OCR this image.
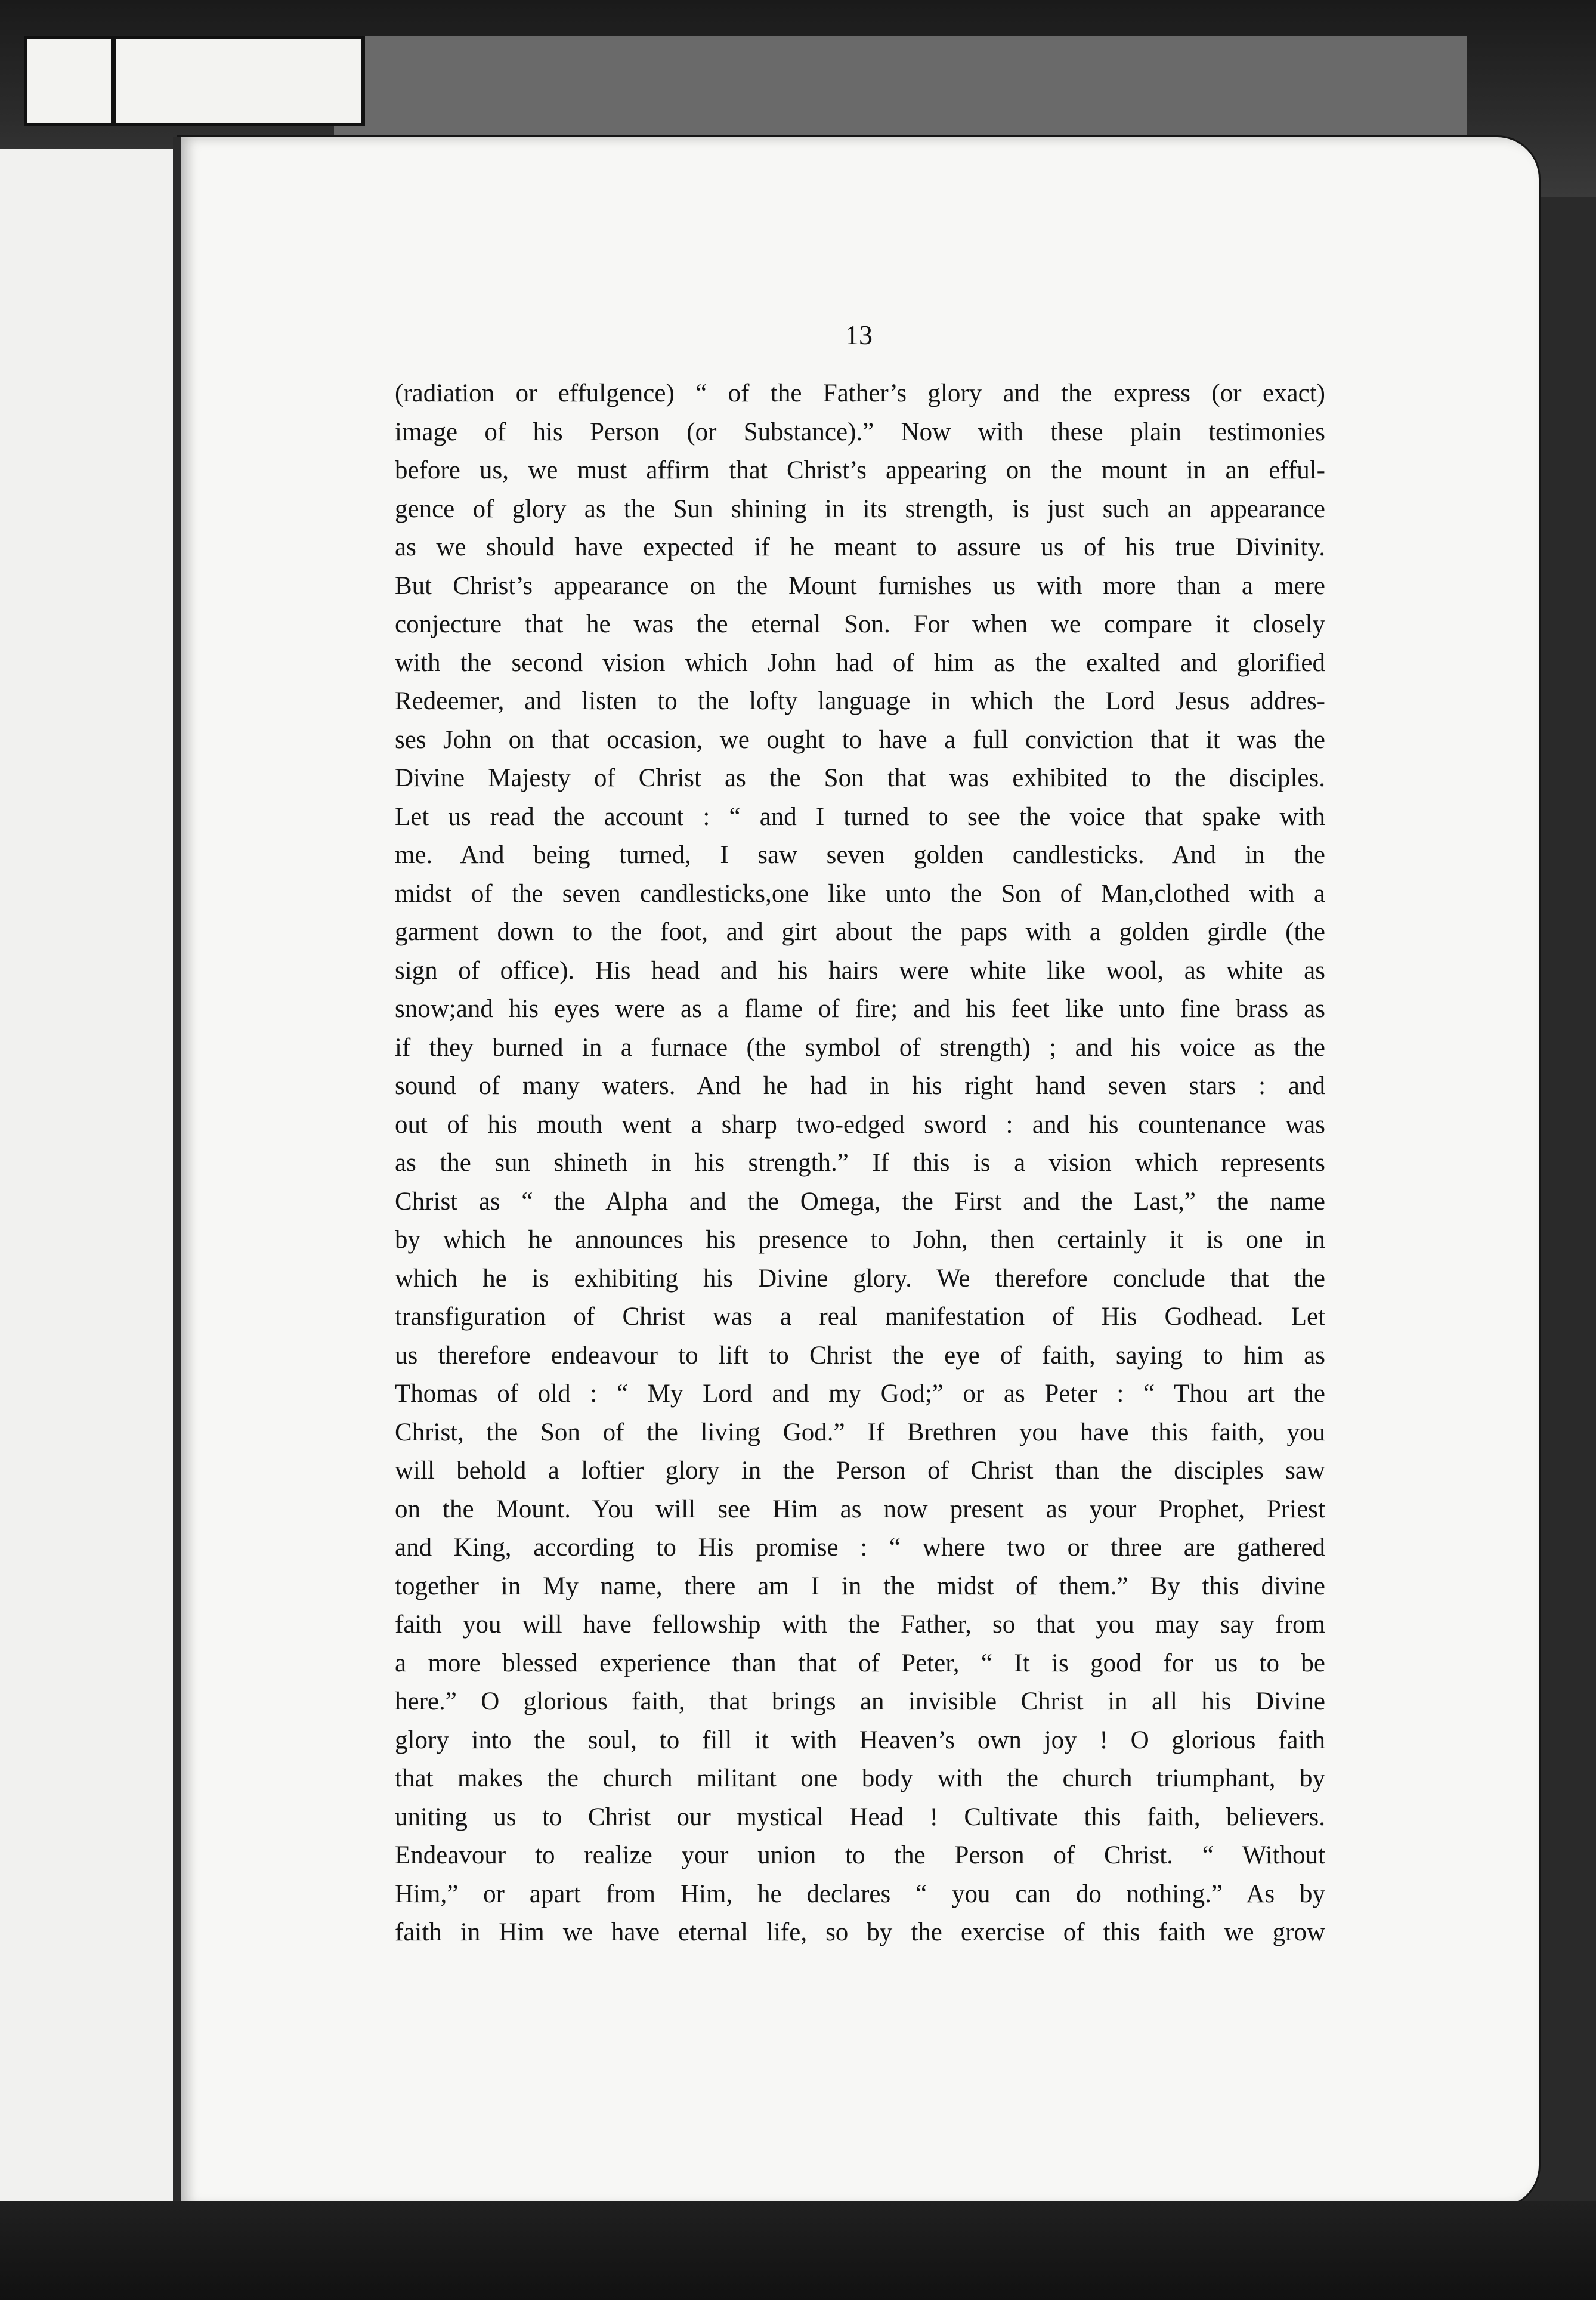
13
(radiation or effulgence) “ of the Father’s glory and the express (or exact)
image of his Person (or Substance).” Now with these plain testimonies
before us, we must affirm that Christ’s appearing on the mount in an efful-
gence of glory as the Sun shining in its strength, is just such an appearance
as we should have expected if he meant to assure us of his true Divinity.
But Christ’s appearance on the Mount furnishes us with more than a mere
conjecture that he was the eternal Son. For when we compare it closely
with the second vision which John had of him as the exalted and glorified
Redeemer, and listen to the lofty language in which the Lord Jesus addres-
ses John on that occasion, we ought to have a full conviction that it was the
Divine Majesty of Christ as the Son that was exhibited to the disciples.
Let us read the account : “ and I turned to see the voice that spake with
me. And being turned, I saw seven golden candlesticks. And in the
midst of the seven candlesticks,one like unto the Son of Man,clothed with a
garment down to the foot, and girt about the paps with a golden girdle (the
sign of office). His head and his hairs were white like wool, as white as
snow;and his eyes were as a flame of fire; and his feet like unto fine brass as
if they burned in a furnace (the symbol of strength) ; and his voice as the
sound of many waters. And he had in his right hand seven stars : and
out of his mouth went a sharp two-edged sword : and his countenance was
as the sun shineth in his strength.” If this is a vision which represents
Christ as “ the Alpha and the Omega, the First and the Last,” the name
by which he announces his presence to John, then certainly it is one in
which he is exhibiting his Divine glory. We therefore conclude that the
transfiguration of Christ was a real manifestation of His Godhead. Let
us therefore endeavour to lift to Christ the eye of faith, saying to him as
Thomas of old : “ My Lord and my God;” or as Peter : “ Thou art the
Christ, the Son of the living God.” If Brethren you have this faith, you
will behold a loftier glory in the Person of Christ than the disciples saw
on the Mount. You will see Him as now present as your Prophet, Priest
and King, according to His promise : “ where two or three are gathered
together in My name, there am I in the midst of them.” By this divine
faith you will have fellowship with the Father, so that you may say from
a more blessed experience than that of Peter, “ It is good for us to be
here.” O glorious faith, that brings an invisible Christ in all his Divine
glory into the soul, to fill it with Heaven’s own joy ! O glorious faith
that makes the church militant one body with the church triumphant, by
uniting us to Christ our mystical Head ! Cultivate this faith, believers.
Endeavour to realize your union to the Person of Christ. “ Without
Him,” or apart from Him, he declares “ you can do nothing.” As by
faith in Him we have eternal life, so by the exercise of this faith we grow
